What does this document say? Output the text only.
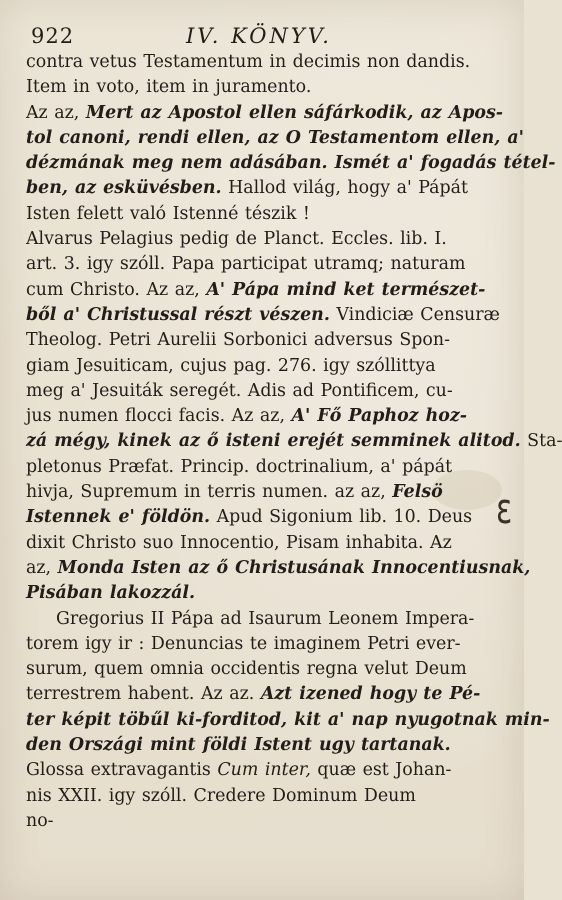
922	IV. KÖNYV.
contra vetus Testamentum in decimis non dandis.
Item in voto, item in juramento.
Az az, Mert az Apostol ellen sáfárkodik, az Apos-
tol canoni, rendi ellen, az O Testamentom ellen, a'
dézmának meg nem adásában. Ismét a' fogadás tétel-
ben, az esküvésben. Hallod világ, hogy a' Pápát
Isten felett való Istenné tészik !
Alvarus Pelagius pedig de Planct. Eccles. lib. I.
art. 3. igy szóll. Papa participat utramq; naturam
cum Christo. Az az, A' Pápa mind ket természet-
ből a' Christussal részt vészen. Vindiciæ Censuræ
Theolog. Petri Aurelii Sorbonici adversus Spon-
giam Jesuiticam, cujus pag. 276. igy szóllittya
meg a' Jesuiták seregét. Adis ad Pontificem, cu-
jus numen flocci facis. Az az, A' Fő Paphoz hoz-
zá mégy, kinek az ő isteni erejét semminek alitod. Sta-
pletonus Præfat. Princip. doctrinalium, a' pápát
hivja, Supremum in terris numen. az az, Felsö
Istennek e' földön. Apud Sigonium lib. 10. Deus
dixit Christo suo Innocentio, Pisam inhabita. Az
az, Monda Isten az ő Christusának Innocentiusnak,
Pisában lakozzál.
Gregorius II Pápa ad Isaurum Leonem Impera-
torem igy ir : Denuncias te imaginem Petri ever-
surum, quem omnia occidentis regna velut Deum
terrestrem habent. Az az. Azt izened hogy te Pé-
ter képit töbűl ki-forditod, kit a' nap nyugotnak min-
den Országi mint földi Istent ugy tartanak.
Glossa extravagantis Cum inter, quæ est Johan-
nis XXII. igy szóll. Credere Dominum Deum
no-
ɛ
